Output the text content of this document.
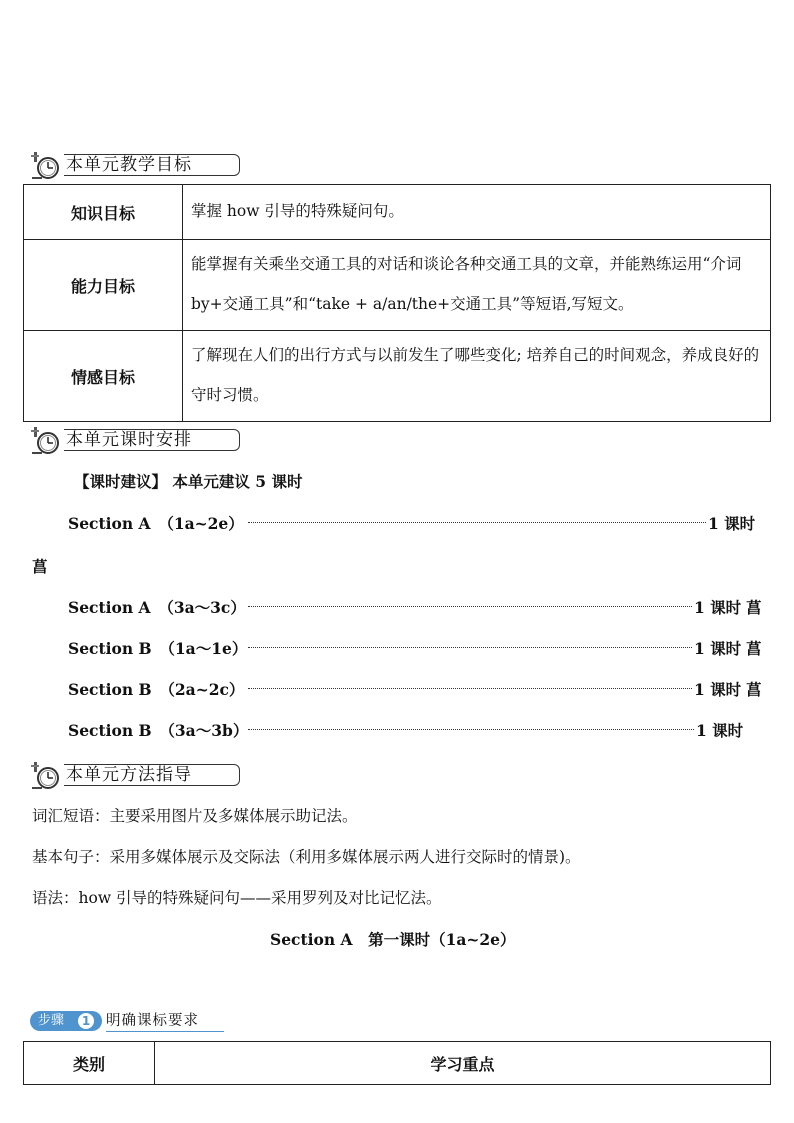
本单元教学目标
知识目标	掌握 how 引导的特殊疑问句。
能力目标	能掌握有关乘坐交通工具的对话和谈论各种交通工具的文章，并能熟练运用“介词 by+交通工具”和“take + a/an/the+交通工具”等短语,写短文。
情感目标	了解现在人们的出行方式与以前发生了哪些变化; 培养自己的时间观念，养成良好的守时习惯。
本单元课时安排
【课时建议】 本单元建议 5 课时
Section A　（1a~2e）	1 课时
菖
Section A　（3a～3c）	1 课时 菖
Section B　（1a～1e）	1 课时 菖
Section B　（2a~2c）	1 课时 菖
Section B　（3a～3b）	1 课时
本单元方法指导
词汇短语：主要采用图片及多媒体展示助记法。
基本句子：采用多媒体展示及交际法（利用多媒体展示两人进行交际时的情景)。
语法：how 引导的特殊疑问句——采用罗列及对比记忆法。
Section A　第一课时（1a~2e）
步骤	1 明确课标要求
类别	学习重点
